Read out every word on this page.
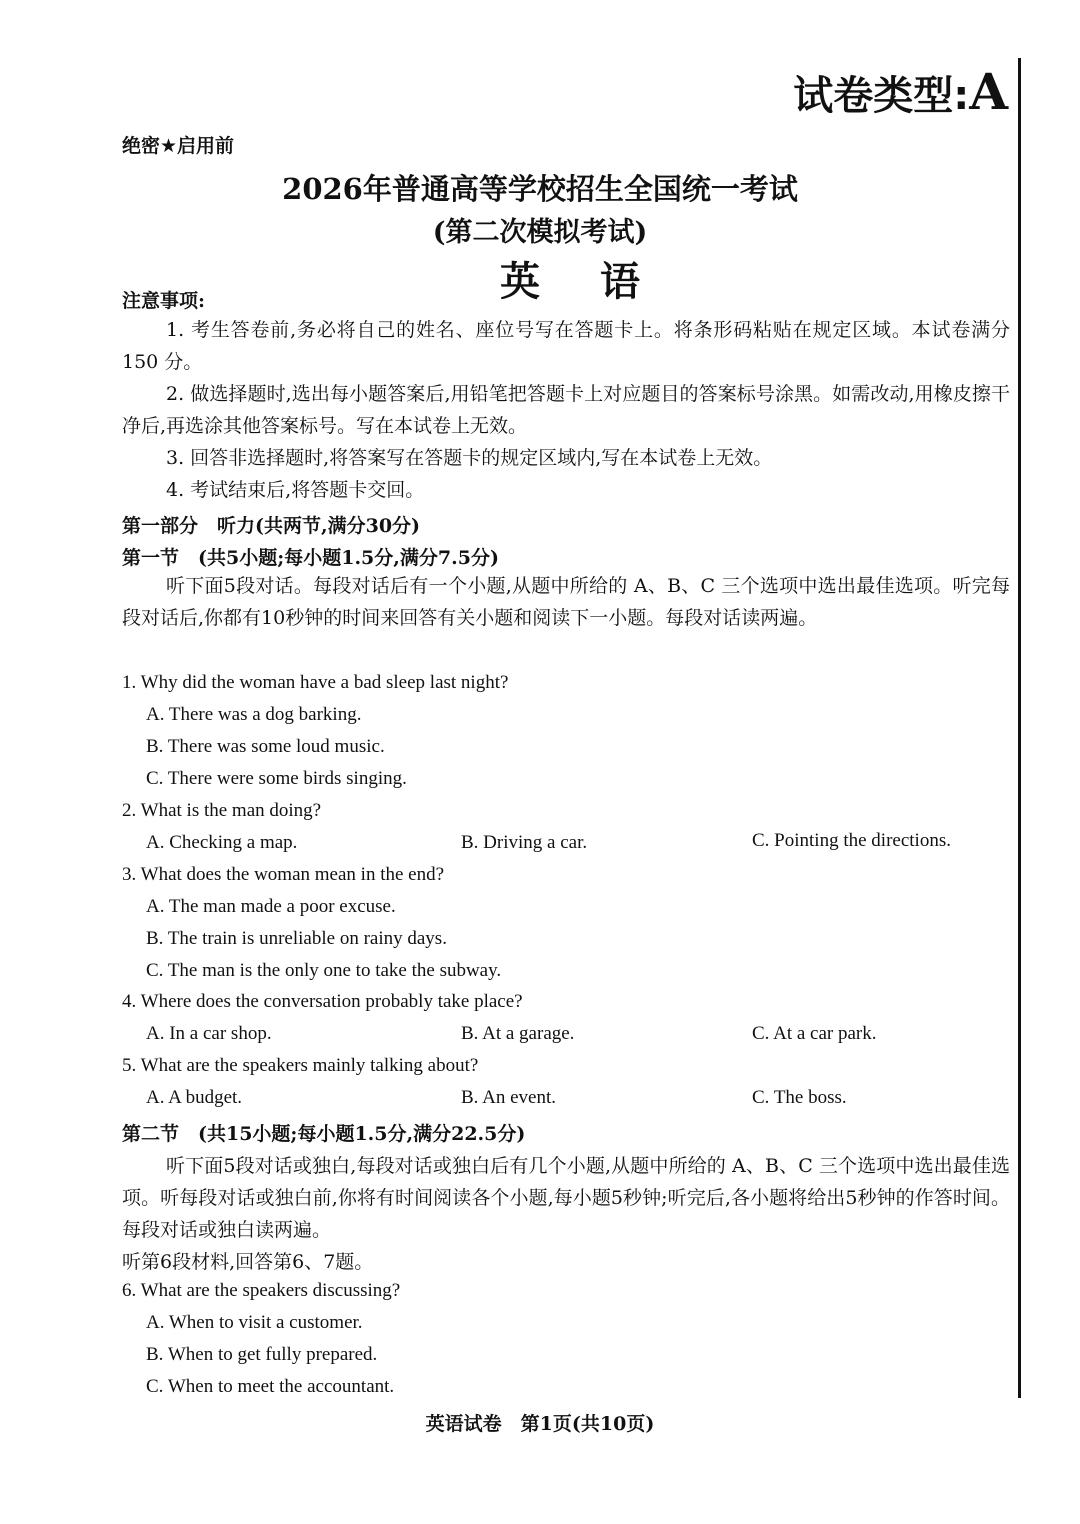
试卷类型:A
绝密★启用前
2026年普通高等学校招生全国统一考试
(第二次模拟考试)
英语
注意事项:
1. 考生答卷前,务必将自己的姓名、座位号写在答题卡上。将条形码粘贴在规定区域。本试卷满分 150 分。
2. 做选择题时,选出每小题答案后,用铅笔把答题卡上对应题目的答案标号涂黑。如需改动,用橡皮擦干净后,再选涂其他答案标号。写在本试卷上无效。
3. 回答非选择题时,将答案写在答题卡的规定区域内,写在本试卷上无效。
4. 考试结束后,将答题卡交回。
第一部分　听力(共两节,满分30分)
第一节　(共5小题;每小题1.5分,满分7.5分)
听下面5段对话。每段对话后有一个小题,从题中所给的 A、B、C 三个选项中选出最佳选项。听完每段对话后,你都有10秒钟的时间来回答有关小题和阅读下一小题。每段对话读两遍。
1. Why did the woman have a bad sleep last night?
A. There was a dog barking.
B. There was some loud music.
C. There were some birds singing.
2. What is the man doing?
A. Checking a map.	B. Driving a car.	C. Pointing the directions.
3. What does the woman mean in the end?
A. The man made a poor excuse.
B. The train is unreliable on rainy days.
C. The man is the only one to take the subway.
4. Where does the conversation probably take place?
A. In a car shop.	B. At a garage.	C. At a car park.
5. What are the speakers mainly talking about?
A. A budget.	B. An event.	C. The boss.
第二节　(共15小题;每小题1.5分,满分22.5分)
听下面5段对话或独白,每段对话或独白后有几个小题,从题中所给的 A、B、C 三个选项中选出最佳选项。听每段对话或独白前,你将有时间阅读各个小题,每小题5秒钟;听完后,各小题将给出5秒钟的作答时间。每段对话或独白读两遍。
听第6段材料,回答第6、7题。
6. What are the speakers discussing?
A. When to visit a customer.
B. When to get fully prepared.
C. When to meet the accountant.
英语试卷　第1页(共10页)
